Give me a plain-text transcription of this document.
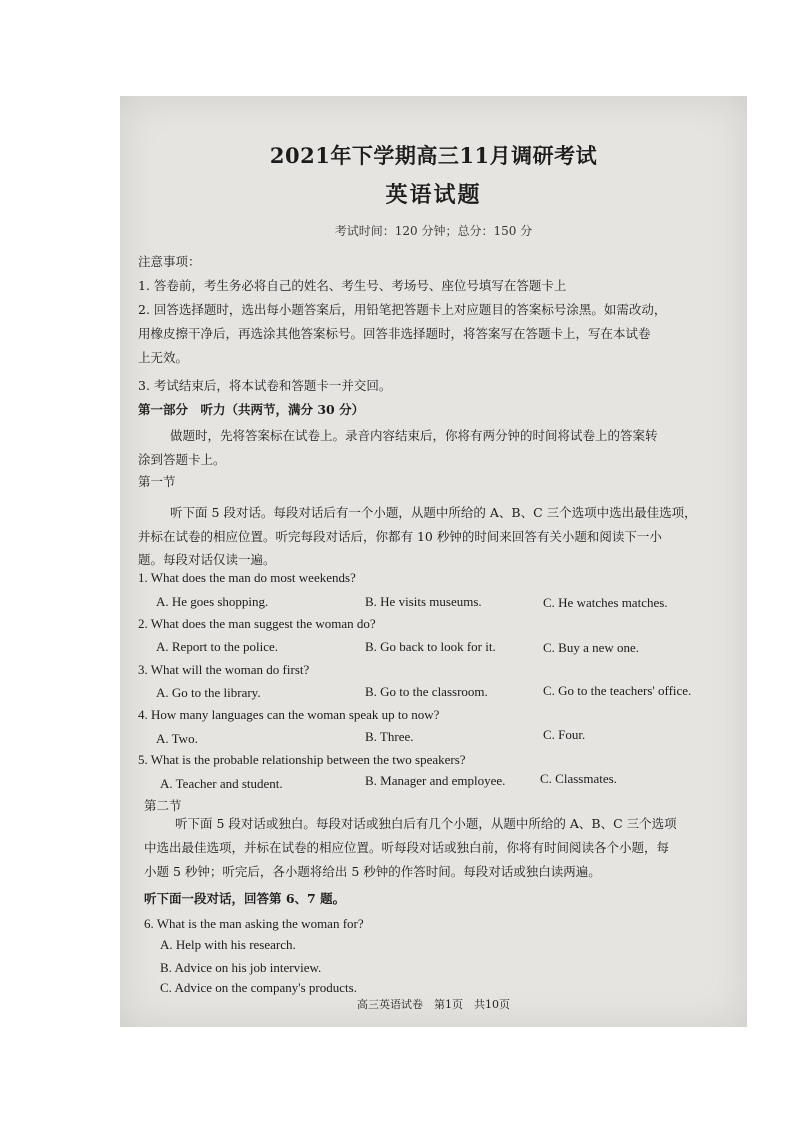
2021年下学期高三11月调研考试
英语试题
考试时间：120 分钟；总分：150 分
注意事项：
1. 答卷前，考生务必将自己的姓名、考生号、考场号、座位号填写在答题卡上
2. 回答选择题时，选出每小题答案后，用铅笔把答题卡上对应题目的答案标号涂黑。如需改动，
用橡皮擦干净后，再选涂其他答案标号。回答非选择题时，将答案写在答题卡上，写在本试卷
上无效。
3. 考试结束后，将本试卷和答题卡一并交回。
第一部分　听力（共两节，满分 30 分）
做题时，先将答案标在试卷上。录音内容结束后，你将有两分钟的时间将试卷上的答案转
涂到答题卡上。
第一节
听下面 5 段对话。每段对话后有一个小题，从题中所给的 A、B、C 三个选项中选出最佳选项，
并标在试卷的相应位置。听完每段对话后，你都有 10 秒钟的时间来回答有关小题和阅读下一小
题。每段对话仅读一遍。
1. What does the man do most weekends?
A. He goes shopping.	B. He visits museums.	C. He watches matches.
2. What does the man suggest the woman do?
A. Report to the police.	B. Go back to look for it.	C. Buy a new one.
3. What will the woman do first?
A. Go to the library.	B. Go to the classroom.	C. Go to the teachers' office.
4. How many languages can the woman speak up to now?
A. Two.	B. Three.	C. Four.
5. What is the probable relationship between the two speakers?
A. Teacher and student.	B. Manager and employee.	C. Classmates.
第二节
听下面 5 段对话或独白。每段对话或独白后有几个小题，从题中所给的 A、B、C 三个选项
中选出最佳选项，并标在试卷的相应位置。听每段对话或独白前，你将有时间阅读各个小题，每
小题 5 秒钟；听完后，各小题将给出 5 秒钟的作答时间。每段对话或独白读两遍。
听下面一段对话，回答第 6、7 题。
6. What is the man asking the woman for?
A. Help with his research.
B. Advice on his job interview.
C. Advice on the company's products.
高三英语试卷　第1页　共10页
